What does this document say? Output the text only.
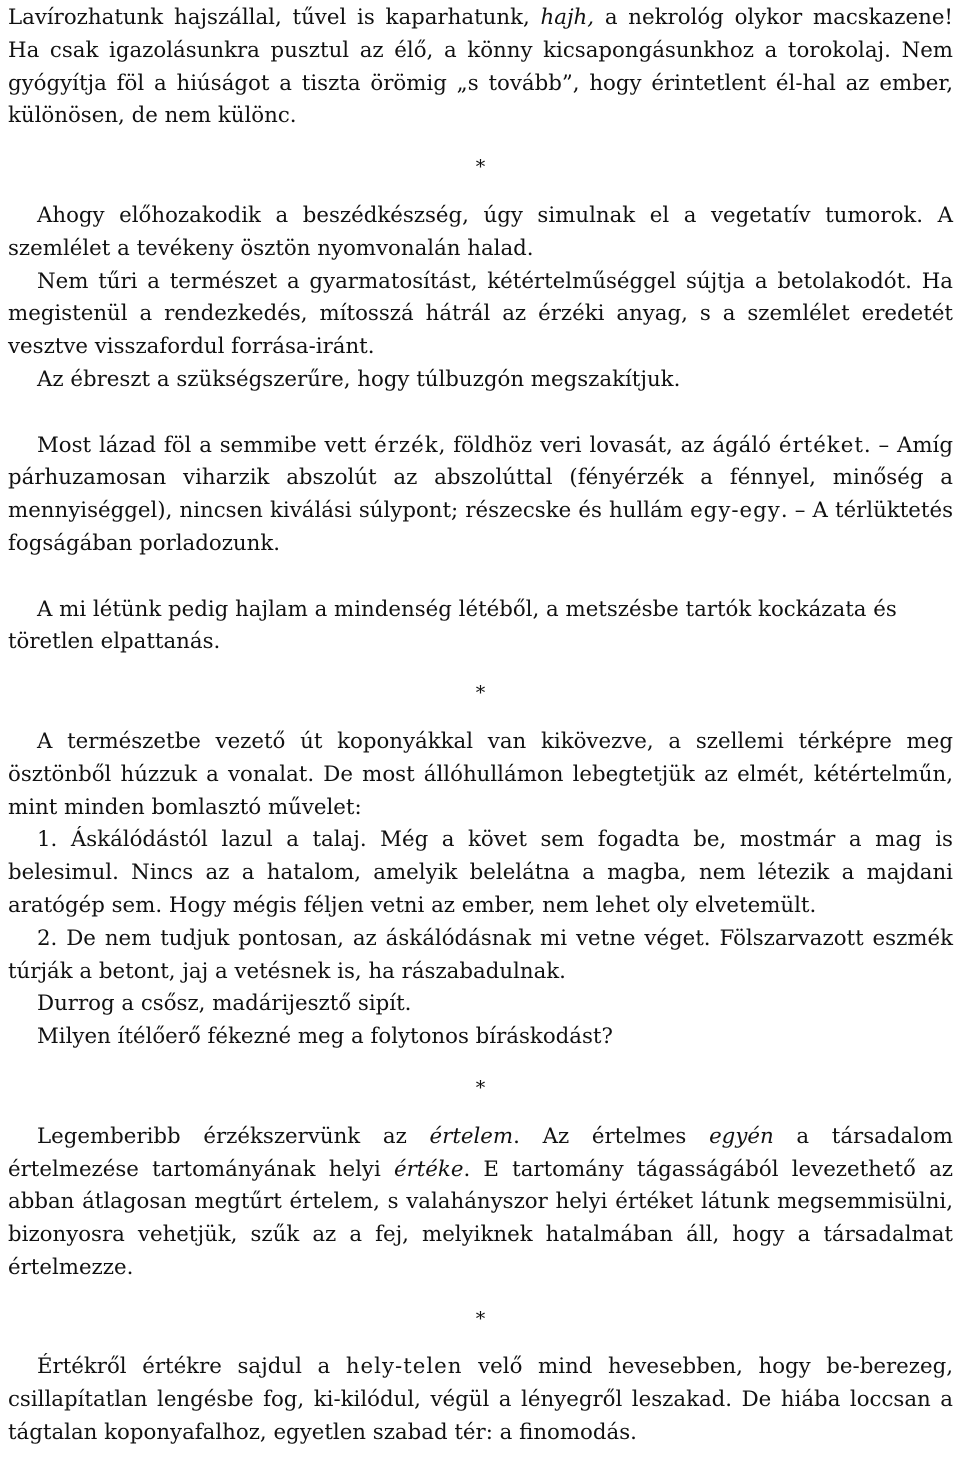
Lavírozhatunk hajszállal, tűvel is kaparhatunk, hajh, a nekrológ olykor macskazene! Ha csak igazolásunkra pusztul az élő, a könny kicsapongásunkhoz a torokolaj. Nem gyógyítja föl a hiúságot a tiszta örömig „s tovább”, hogy érintetlent él-hal az ember, különösen, de nem különc.

*

Ahogy előhozakodik a beszédkészség, úgy simulnak el a vegetatív tumorok. A szemlélet a tevékeny ösztön nyomvonalán halad.

Nem tűri a természet a gyarmatosítást, kétértelműséggel sújtja a betolakodót. Ha megistenül a rendezkedés, mítosszá hátrál az érzéki anyag, s a szemlélet eredetét vesztve visszafordul forrása-iránt.

Az ébreszt a szükségszerűre, hogy túlbuzgón megszakítjuk.

Most lázad föl a semmibe vett érzék, földhöz veri lovasát, az ágáló értéket. – Amíg párhuzamosan viharzik abszolút az abszolúttal (fényérzék a fénnyel, minőség a mennyiséggel), nincsen kiválási súlypont; részecske és hullám egy-egy. – A térlüktetés fogságában porladozunk.

A mi létünk pedig hajlam a mindenség létéből, a metszésbe tartók kockázata és töretlen elpattanás.

*

A természetbe vezető út koponyákkal van kikövezve, a szellemi térképre meg ösztönből húzzuk a vonalat. De most állóhullámon lebegtetjük az elmét, kétértelműn, mint minden bomlasztó művelet:

1. Áskálódástól lazul a talaj. Még a követ sem fogadta be, mostmár a mag is belesimul. Nincs az a hatalom, amelyik belelátna a magba, nem létezik a majdani aratógép sem. Hogy mégis féljen vetni az ember, nem lehet oly elvetemült.

2. De nem tudjuk pontosan, az áskálódásnak mi vetne véget. Fölszarvazott eszmék túrják a betont, jaj a vetésnek is, ha rászabadulnak.

Durrog a csősz, madárijesztő sipít.

Milyen ítélőerő fékezné meg a folytonos bíráskodást?

*

Legemberibb érzékszervünk az értelem. Az értelmes egyén a társadalom értelmezése tartományának helyi értéke. E tartomány tágasságából levezethető az abban átlagosan megtűrt értelem, s valahányszor helyi értéket látunk megsemmisülni, bizonyosra vehetjük, szűk az a fej, melyiknek hatalmában áll, hogy a társadalmat értelmezze.

*

Értékről értékre sajdul a hely-telen velő mind hevesebben, hogy be-berezeg, csillapítatlan lengésbe fog, ki-kilódul, végül a lényegről leszakad. De hiába loccsan a tágtalan koponyafalhoz, egyetlen szabad tér: a finomodás.
